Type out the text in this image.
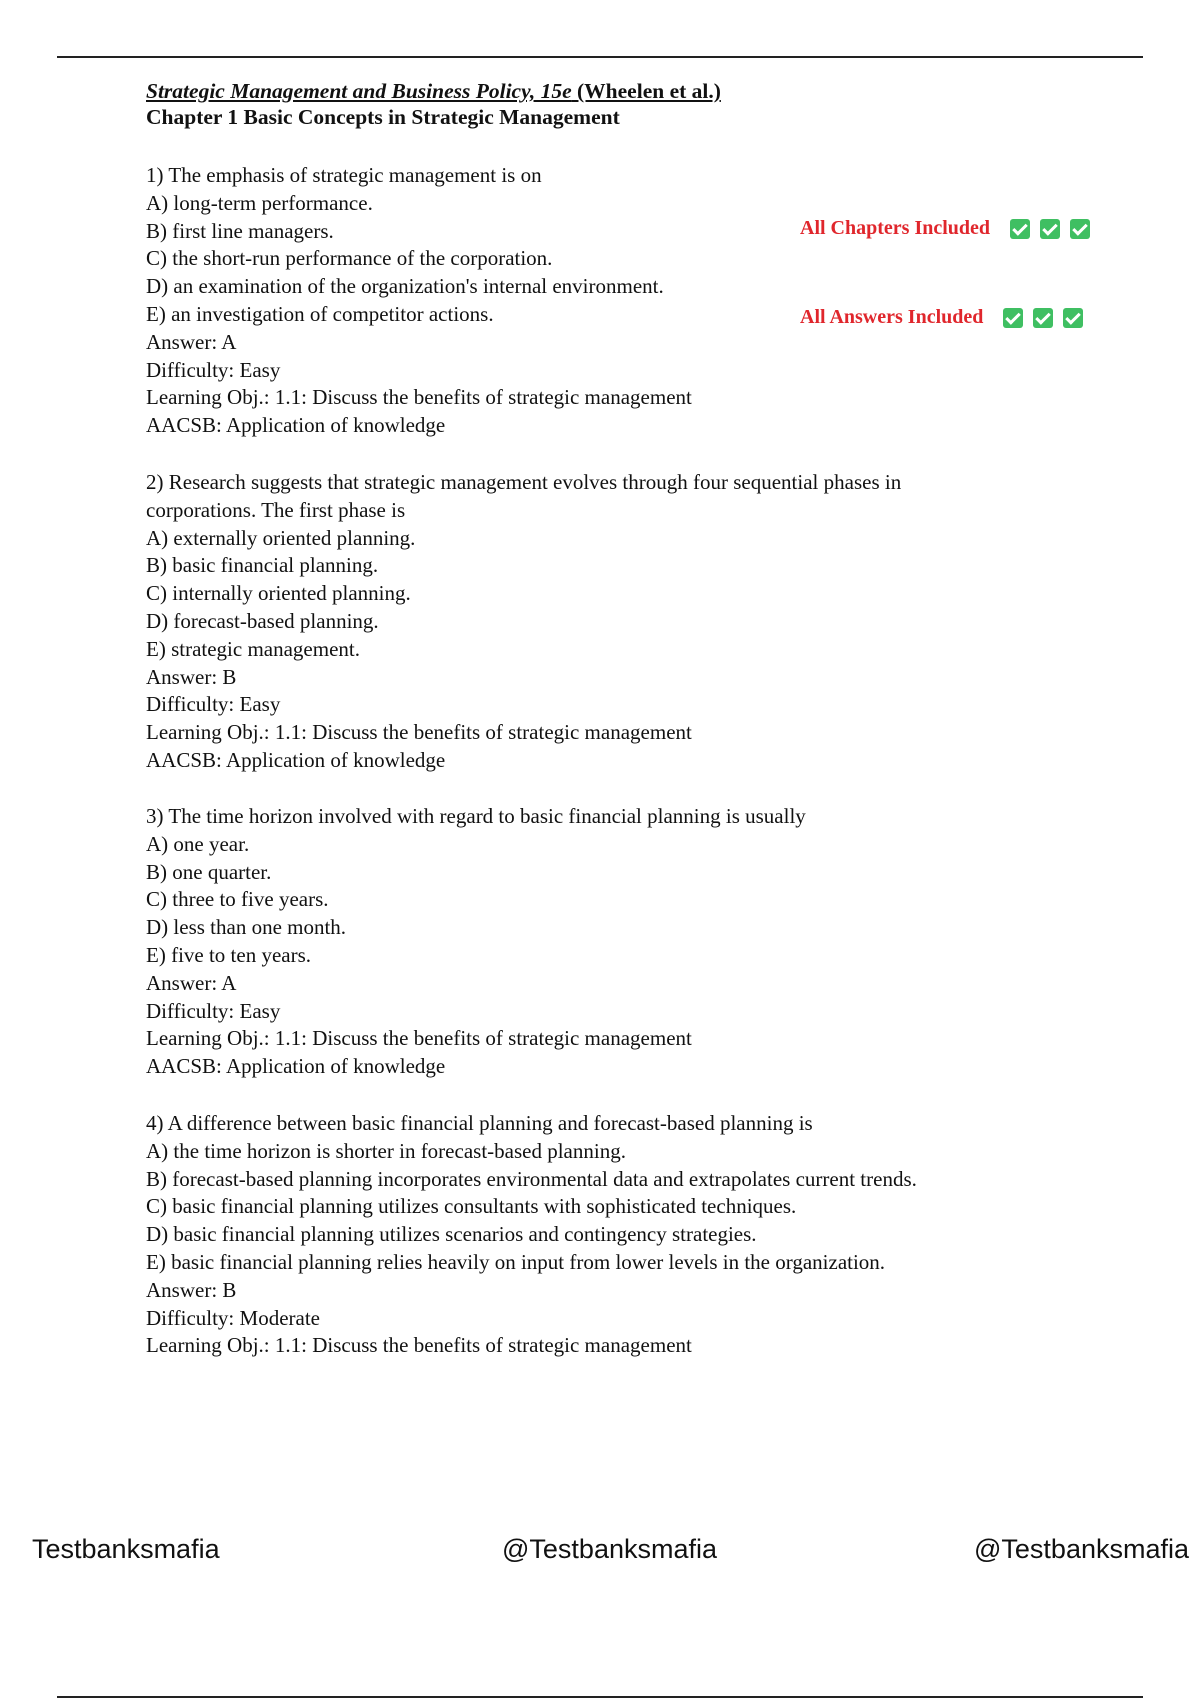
Strategic Management and Business Policy, 15e (Wheelen et al.)
Chapter 1 Basic Concepts in Strategic Management
All Chapters Included
All Answers Included
1) The emphasis of strategic management is on
A) long-term performance.
B) first line managers.
C) the short-run performance of the corporation.
D) an examination of the organization's internal environment.
E) an investigation of competitor actions.
Answer: A
Difficulty: Easy
Learning Obj.: 1.1: Discuss the benefits of strategic management
AACSB: Application of knowledge
2) Research suggests that strategic management evolves through four sequential phases in
corporations. The first phase is
A) externally oriented planning.
B) basic financial planning.
C) internally oriented planning.
D) forecast-based planning.
E) strategic management.
Answer: B
Difficulty: Easy
Learning Obj.: 1.1: Discuss the benefits of strategic management
AACSB: Application of knowledge
3) The time horizon involved with regard to basic financial planning is usually
A) one year.
B) one quarter.
C) three to five years.
D) less than one month.
E) five to ten years.
Answer: A
Difficulty: Easy
Learning Obj.: 1.1: Discuss the benefits of strategic management
AACSB: Application of knowledge
4) A difference between basic financial planning and forecast-based planning is
A) the time horizon is shorter in forecast-based planning.
B) forecast-based planning incorporates environmental data and extrapolates current trends.
C) basic financial planning utilizes consultants with sophisticated techniques.
D) basic financial planning utilizes scenarios and contingency strategies.
E) basic financial planning relies heavily on input from lower levels in the organization.
Answer: B
Difficulty: Moderate
Learning Obj.: 1.1: Discuss the benefits of strategic management
Testbanksmafia	@Testbanksmafia	@Testbanksmafia
